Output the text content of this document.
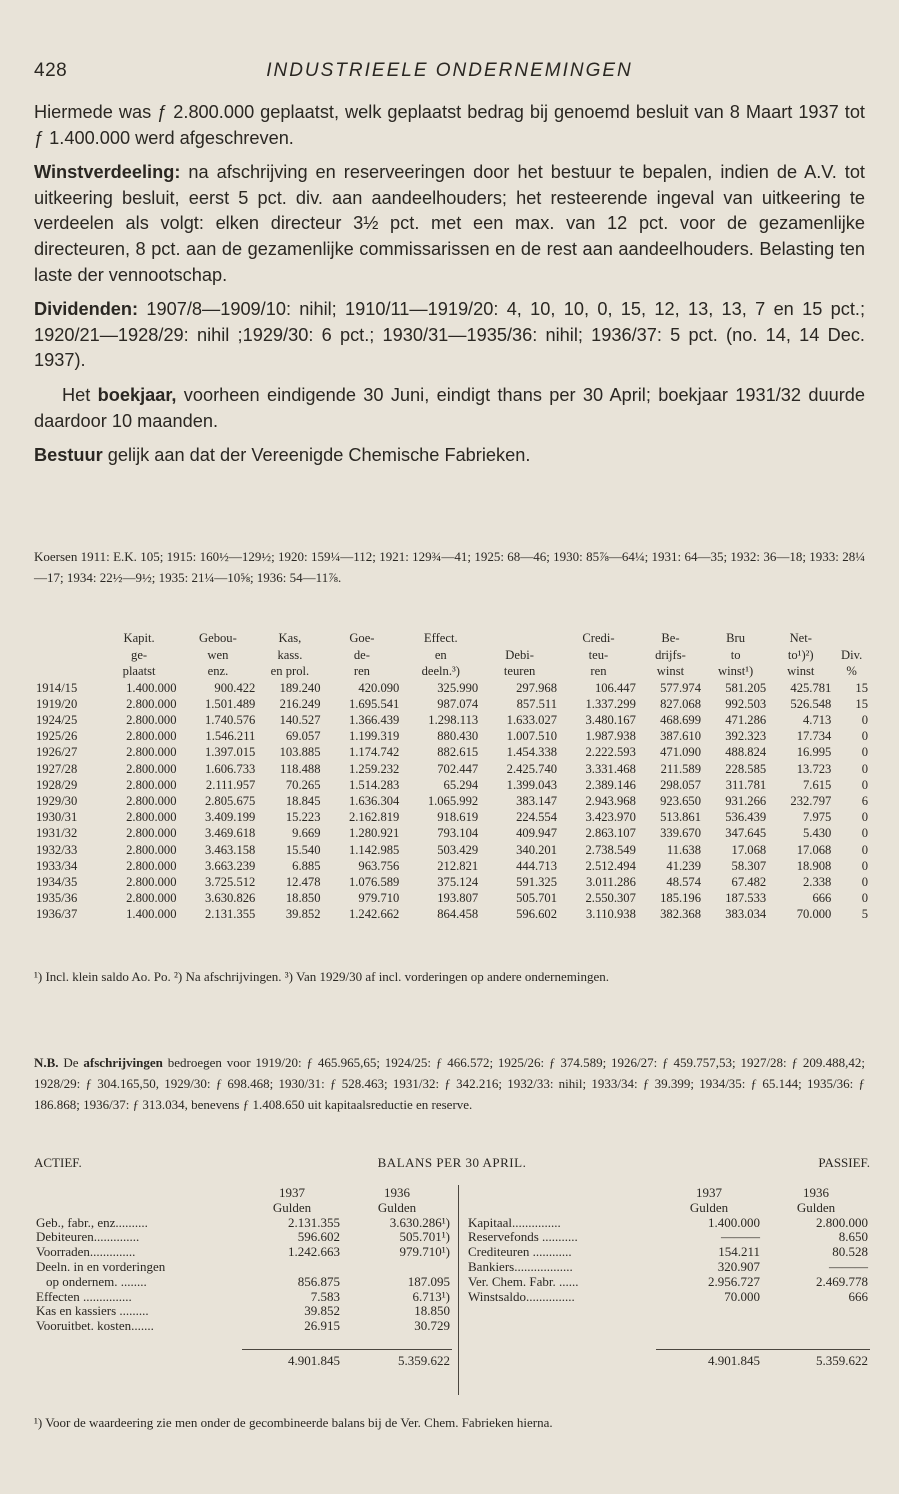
428	INDUSTRIEELE ONDERNEMINGEN

Hiermede was ƒ 2.800.000 geplaatst, welk geplaatst bedrag bij genoemd besluit van 8 Maart 1937 tot ƒ 1.400.000 werd afgeschreven.

Winstverdeeling: na afschrijving en reserveeringen door het bestuur te bepalen, indien de A.V. tot uitkeering besluit, eerst 5 pct. div. aan aandeelhouders; het resteerende ingeval van uitkeering te verdeelen als volgt: elken directeur 3½ pct. met een max. van 12 pct. voor de gezamenlijke directeuren, 8 pct. aan de gezamenlijke commissarissen en de rest aan aandeelhouders. Belasting ten laste der vennootschap.

Dividenden: 1907/8—1909/10: nihil; 1910/11—1919/20: 4, 10, 10, 0, 15, 12, 13, 13, 7 en 15 pct.; 1920/21—1928/29: nihil ;1929/30: 6 pct.; 1930/31—1935/36: nihil; 1936/37: 5 pct. (no. 14, 14 Dec. 1937).

Het boekjaar, voorheen eindigende 30 Juni, eindigt thans per 30 April; boekjaar 1931/32 duurde daardoor 10 maanden.

Bestuur gelijk aan dat der Vereenigde Chemische Fabrieken.

Koersen 1911: E.K. 105; 1915: 160½—129½; 1920: 159¼—112; 1921: 129¾—41; 1925: 68—46; 1930: 85⅞—64¼; 1931: 64—35; 1932: 36—18; 1933: 28¼—17; 1934: 22½—9½; 1935: 21¼—10⅝; 1936: 54—11⅞.
	Kapit.	Gebou-	Kas,	Goe-	Effect.		Credi-	Be-	Bru	Net-	
	ge-	wen	kass.	de-	en	Debi-	teu-	drijfs-	to	to¹)²)	Div.
	plaatst	enz.	en prol.	ren	deeln.³)	teuren	ren	winst	winst¹)	winst	%
1914/15	1.400.000	900.422	189.240	420.090	325.990	297.968	106.447	577.974	581.205	425.781	15
1919/20	2.800.000	1.501.489	216.249	1.695.541	987.074	857.511	1.337.299	827.068	992.503	526.548	15
1924/25	2.800.000	1.740.576	140.527	1.366.439	1.298.113	1.633.027	3.480.167	468.699	471.286	4.713	0
1925/26	2.800.000	1.546.211	69.057	1.199.319	880.430	1.007.510	1.987.938	387.610	392.323	17.734	0
1926/27	2.800.000	1.397.015	103.885	1.174.742	882.615	1.454.338	2.222.593	471.090	488.824	16.995	0
1927/28	2.800.000	1.606.733	118.488	1.259.232	702.447	2.425.740	3.331.468	211.589	228.585	13.723	0
1928/29	2.800.000	2.111.957	70.265	1.514.283	65.294	1.399.043	2.389.146	298.057	311.781	7.615	0
1929/30	2.800.000	2.805.675	18.845	1.636.304	1.065.992	383.147	2.943.968	923.650	931.266	232.797	6
1930/31	2.800.000	3.409.199	15.223	2.162.819	918.619	224.554	3.423.970	513.861	536.439	7.975	0
1931/32	2.800.000	3.469.618	9.669	1.280.921	793.104	409.947	2.863.107	339.670	347.645	5.430	0
1932/33	2.800.000	3.463.158	15.540	1.142.985	503.429	340.201	2.738.549	11.638	17.068	17.068	0
1933/34	2.800.000	3.663.239	6.885	963.756	212.821	444.713	2.512.494	41.239	58.307	18.908	0
1934/35	2.800.000	3.725.512	12.478	1.076.589	375.124	591.325	3.011.286	48.574	67.482	2.338	0
1935/36	2.800.000	3.630.826	18.850	979.710	193.807	505.701	2.550.307	185.196	187.533	666	0
1936/37	1.400.000	2.131.355	39.852	1.242.662	864.458	596.602	3.110.938	382.368	383.034	70.000	5
¹) Incl. klein saldo Ao. Po. ²) Na afschrijvingen. ³) Van 1929/30 af incl. vorderingen op andere ondernemingen.
N.B. De afschrijvingen bedroegen voor 1919/20: ƒ 465.965,65; 1924/25: ƒ 466.572; 1925/26: ƒ 374.589; 1926/27: ƒ 459.757,53; 1927/28: ƒ 209.488,42; 1928/29: ƒ 304.165,50, 1929/30: ƒ 698.468; 1930/31: ƒ 528.463; 1931/32: ƒ 342.216; 1932/33: nihil; 1933/34: ƒ 39.399; 1934/35: ƒ 65.144; 1935/36: ƒ 186.868; 1936/37: ƒ 313.034, benevens ƒ 1.408.650 uit kapitaalsreductie en reserve.
ACTIEF.	BALANS PER 30 APRIL.	PASSIEF.
	1937	1936
	Gulden	Gulden
Geb., fabr., enz..........	2.131.355	3.630.286¹)
Debiteuren..............	596.602	505.701¹)
Voorraden..............	1.242.663	979.710¹)
Deeln. in en vorderingen		
op ondernem. ........	856.875	187.095
Effecten ...............	7.583	6.713¹)
Kas en kassiers .........	39.852	18.850
Vooruitbet. kosten.......	26.915	30.729

	4.901.845	5.359.622
	1937	1936
	Gulden	Gulden
Kapitaal...............	1.400.000	2.800.000
Reservefonds ...........	———	8.650
Crediteuren ............	154.211	80.528
Bankiers..................	320.907	———
Ver. Chem. Fabr. ......	2.956.727	2.469.778
Winstsaldo...............	70.000	666

	4.901.845	5.359.622
¹) Voor de waardeering zie men onder de gecombineerde balans bij de Ver. Chem. Fabrieken hierna.
